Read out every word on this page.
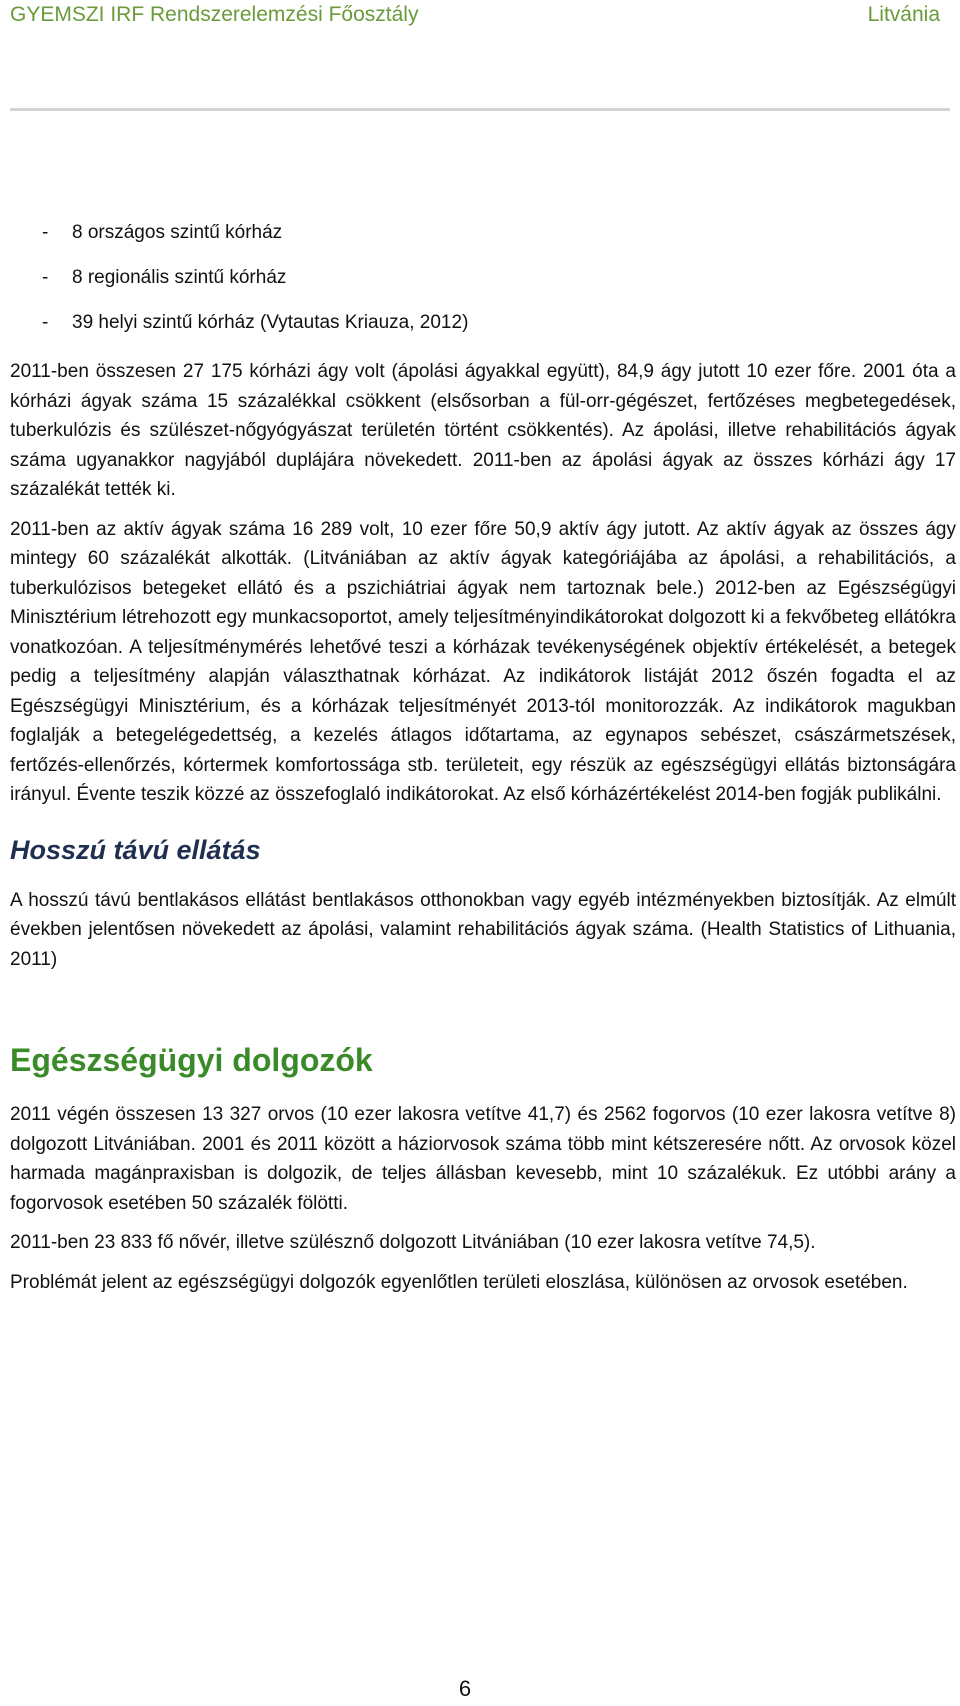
GYEMSZI IRF Rendszerelemzési Főosztály	Litvánia
- 8 országos szintű kórház
- 8 regionális szintű kórház
- 39 helyi szintű kórház (Vytautas Kriauza, 2012)

2011-ben összesen 27 175 kórházi ágy volt (ápolási ágyakkal együtt), 84,9 ágy jutott 10 ezer főre. 2001 óta a kórházi ágyak száma 15 százalékkal csökkent (elsősorban a fül-orr-gégészet, fertőzéses megbetegedések, tuberkulózis és szülészet-nőgyógyászat területén történt csökkentés). Az ápolási, illetve rehabilitációs ágyak száma ugyanakkor nagyjából duplájára növekedett. 2011-ben az ápolási ágyak az összes kórházi ágy 17 százalékát tették ki.

2011-ben az aktív ágyak száma 16 289 volt, 10 ezer főre 50,9 aktív ágy jutott. Az aktív ágyak az összes ágy mintegy 60 százalékát alkották. (Litvániában az aktív ágyak kategóriájába az ápolási, a rehabilitációs, a tuberkulózisos betegeket ellátó és a pszichiátriai ágyak nem tartoznak bele.) 2012-ben az Egészségügyi Minisztérium létrehozott egy munkacsoportot, amely teljesítményindikátorokat dolgozott ki a fekvőbeteg ellátókra vonatkozóan. A teljesítménymérés lehetővé teszi a kórházak tevékenységének objektív értékelését, a betegek pedig a teljesítmény alapján választhatnak kórházat. Az indikátorok listáját 2012 őszén fogadta el az Egészségügyi Minisztérium, és a kórházak teljesítményét 2013-tól monitorozzák. Az indikátorok magukban foglalják a betegelégedettség, a kezelés átlagos időtartama, az egynapos sebészet, császármetszések, fertőzés-ellenőrzés, kórtermek komfortossága stb. területeit, egy részük az egészségügyi ellátás biztonságára irányul. Évente teszik közzé az összefoglaló indikátorokat. Az első kórházértékelést 2014-ben fogják publikálni.

Hosszú távú ellátás

A hosszú távú bentlakásos ellátást bentlakásos otthonokban vagy egyéb intézményekben biztosítják. Az elmúlt években jelentősen növekedett az ápolási, valamint rehabilitációs ágyak száma. (Health Statistics of Lithuania, 2011)

Egészségügyi dolgozók

2011 végén összesen 13 327 orvos (10 ezer lakosra vetítve 41,7) és 2562 fogorvos (10 ezer lakosra vetítve 8) dolgozott Litvániában. 2001 és 2011 között a háziorvosok száma több mint kétszeresére nőtt. Az orvosok közel harmada magánpraxisban is dolgozik, de teljes állásban kevesebb, mint 10 százalékuk. Ez utóbbi arány a fogorvosok esetében 50 százalék fölötti.

2011-ben 23 833 fő nővér, illetve szülésznő dolgozott Litvániában (10 ezer lakosra vetítve 74,5).

Problémát jelent az egészségügyi dolgozók egyenlőtlen területi eloszlása, különösen az orvosok esetében.

6
